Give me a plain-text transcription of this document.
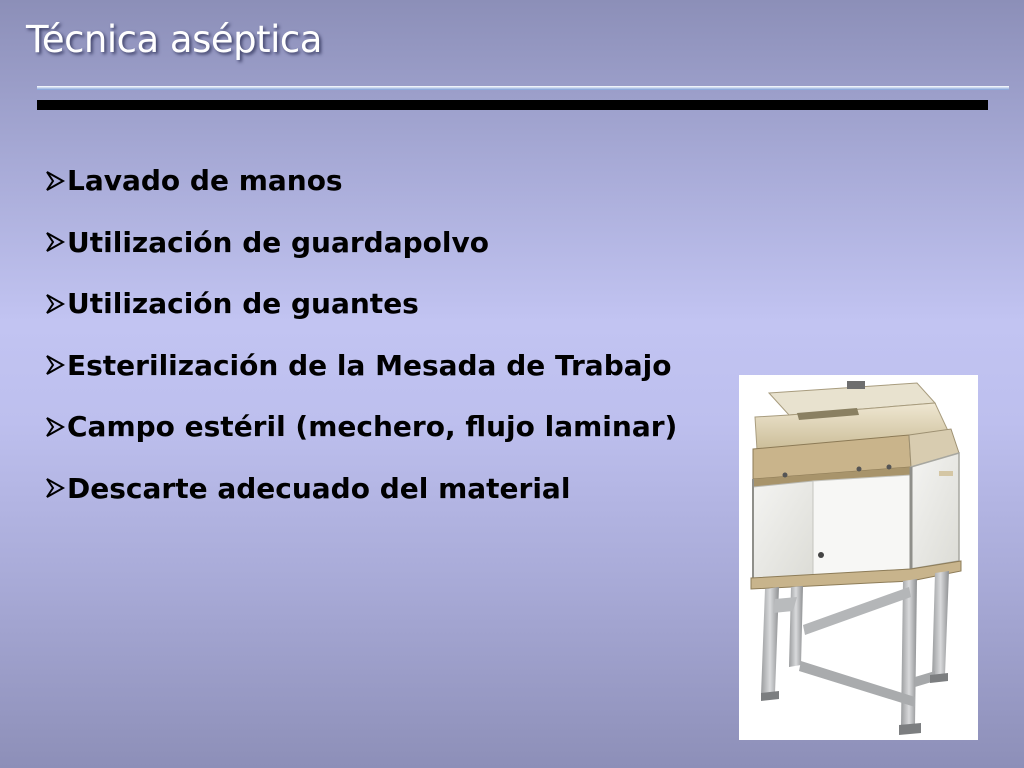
Técnica aséptica
Lavado de manos
Utilización de guardapolvo
Utilización de guantes
Esterilización de la Mesada de Trabajo
Campo estéril (mechero, flujo laminar)
Descarte adecuado del material
